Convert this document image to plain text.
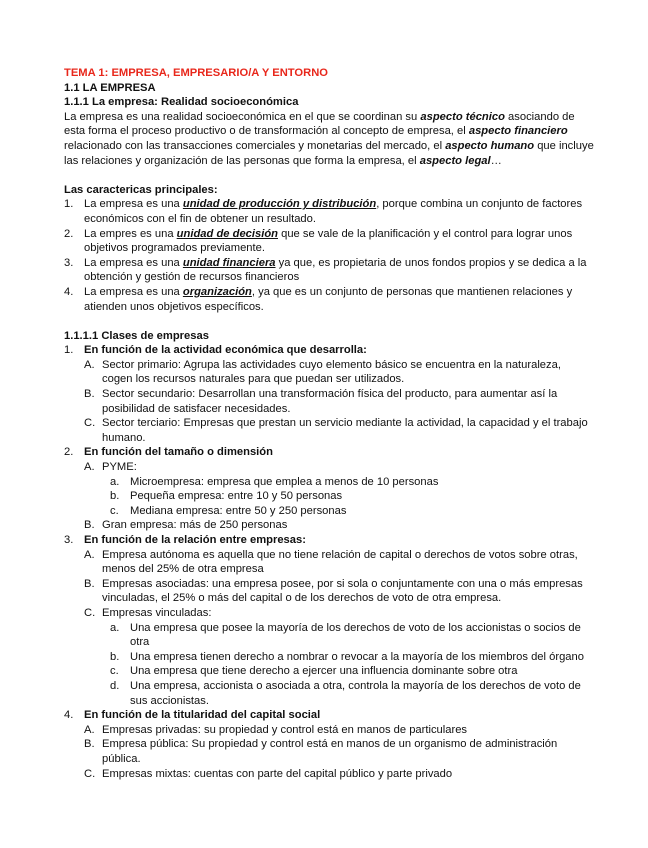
TEMA 1: EMPRESA, EMPRESARIO/A Y ENTORNO

1.1 LA EMPRESA

1.1.1 La empresa: Realidad socioeconómica

La empresa es una realidad socioeconómica en el que se coordinan su aspecto técnico asociando de esta forma el proceso productivo o de transformación al concepto de empresa, el aspecto financiero relacionado con las transacciones comerciales y monetarias del mercado, el aspecto humano que incluye las relaciones y organización de las personas que forma la empresa, el aspecto legal…

Las caractericas principales:

1. La empresa es una unidad de producción y distribución, porque combina un conjunto de factores económicos con el fin de obtener un resultado.
2. La empres es una unidad de decisión que se vale de la planificación y el control para lograr unos objetivos programados previamente.
3. La empresa es una unidad financiera ya que, es propietaria de unos fondos propios y se dedica a la obtención y gestión de recursos financieros
4. La empresa es una organización, ya que es un conjunto de personas que mantienen relaciones y atienden unos objetivos específicos.

1.1.1.1 Clases de empresas

1. En función de la actividad económica que desarrolla:
A. Sector primario: Agrupa las actividades cuyo elemento básico se encuentra en la naturaleza, cogen los recursos naturales para que puedan ser utilizados.
B. Sector secundario: Desarrollan una transformación física del producto, para aumentar así la posibilidad de satisfacer necesidades.
C. Sector terciario: Empresas que prestan un servicio mediante la actividad, la capacidad y el trabajo humano.
2. En función del tamaño o dimensión
A. PYME:
a. Microempresa: empresa que emplea a menos de 10 personas
b. Pequeña empresa: entre 10 y 50 personas
c.	Mediana empresa: entre 50 y 250 personas
B. Gran empresa: más de 250 personas
3. En función de la relación entre empresas:
A. Empresa autónoma es aquella que no tiene relación de capital o derechos de votos sobre otras, menos del 25% de otra empresa
B. Empresas asociadas: una empresa posee, por si sola o conjuntamente con una o más empresas vinculadas, el 25% o más del capital o de los derechos de voto de otra empresa.
C. Empresas vinculadas:
a. Una empresa que posee la mayoría de los derechos de voto de los accionistas o socios de otra
b. Una empresa tienen derecho a nombrar o revocar a la mayoría de los miembros del órgano
c.	Una empresa que tiene derecho a ejercer una influencia dominante sobre otra
d. Una empresa, accionista o asociada a otra, controla la mayoría de los derechos de voto de sus accionistas.
4. En función de la titularidad del capital social
A. Empresas privadas: su propiedad y control está en manos de particulares
B. Empresa pública: Su propiedad y control está en manos de un organismo de administración pública.
C. Empresas mixtas: cuentas con parte del capital público y parte privado
